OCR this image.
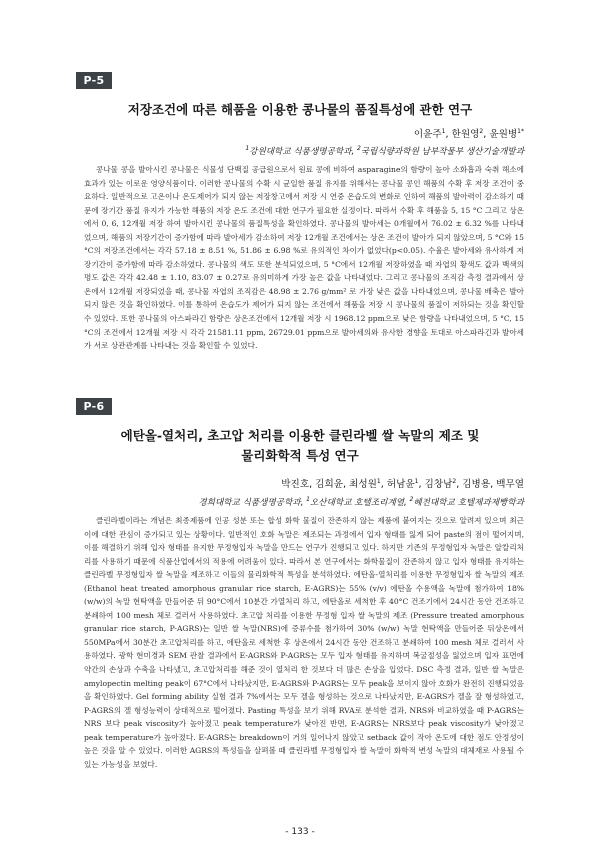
P-5
저장조건에 따른 해품을 이용한 콩나물의 품질특성에 관한 연구
이윤주$^1$, 한원영$^2$, 윤원병$^{1*}$
$^1$강원대학교 식품생명공학과, $^2$국립식량과학원 남부작물부 생산기술개발과

콩나물 콩을 발아시킨 콩나물은 식물성 단백질 공급원으로서 원료 콩에 비하여 asparagine의 함량이 높아 소화흡과 숙취 해소에 효과가 있는 이로운 영양식품이다. 이러한 콩나물의 수확 시 균일한 품질 유지를 위해서는 콩나물 콩인 해품의 수확 후 저장 조건이 중요하다. 일반적으로 고온이나 온도제어가 되지 않는 저장창고에서 저장 시 연중 온습도의 변화로 인하여 해품의 발아력이 감소하기 때문에 장기간 품질 유지가 가능한 해품의 저장 온도 조건에 대한 연구가 필요한 실정이다. 따라서 수확 후 해품을 5, 15 °C 그리고 상온에서 0, 6, 12개월 저장 하여 발아시킨 콩나물의 품질특성을 확인하였다. 콩나물의 발아세는 0개월에서 76.02 ± 6.32 %를 나타내었으며, 해품의 저장기간이 증가함에 따라 발아세가 감소하여 저장 12개월 조건에서는 상온 조건이 발아가 되지 않았으며, 5 °C와 15 °C의 저장조건에서는 각각 57.18 ± 8.51 %, 51.86 ± 6.98 %로 유의적인 차이가 없었다(p<0.05). 수율은 발아세와 유사하게 저장기간이 증가함에 따라 감소하였다. 콩나물의 색도 또한 분석되었으며, 5 °C에서 12개월 저장하였을 때 자엽의 황색도 값과 백색의 명도 값은 각각 42.48 ± 1.10, 83.07 ± 0.27로 유의미하게 가장 높은 값을 나타내었다. 그리고 콩나물의 조직감 측정 결과에서 상온에서 12개월 저장되었을 때, 콩나물 자엽의 조직감은 48.98 ± 2.76 g/mm² 로 가장 낮은 값을 나타내었으며, 콩나물 배축은 발아되지 않은 것을 확인하였다. 이를 통하여 온습도가 제어가 되지 않는 조건에서 해품을 저장 시 콩나물의 품질이 저하되는 것을 확인할 수 있었다. 또한 콩나물의 아스파라긴 함량은 상온조건에서 12개월 저장 시 1968.12 ppm으로 낮은 함량을 나타내었으며, 5 °C, 15 °C의 조건에서 12개월 저장 시 각각 21581.11 ppm, 26729.01 ppm으로 발아세의와 유사한 경향을 토대로 아스파라긴과 발아세가 서로 상관관계를 나타내는 것을 확인할 수 있었다.

P-6
에탄올-열처리, 초고압 처리를 이용한 클린라벨 쌀 녹말의 제조 및
물리화학적 특성 연구
박진호, 김희윤, 최성원$^1$, 허남윤$^1$, 김창남$^2$, 김병용, 백무열
경희대학교 식품생명공학과, $^1$오산대학교 호텔조리계열, $^2$혜전대학교 호텔제과제빵학과

클린라벨이라는 개념은 최종제품에 인공 성분 또는 합성 화학 물질이 잔존하지 않는 제품에 붙여지는 것으로 알려져 있으며 최근 이에 대한 관심이 증가되고 있는 상황이다. 일반적인 호화 녹말은 제조되는 과정에서 입자 형태를 잃게 되어 paste의 점이 떨어지며, 이를 해결하기 위해 입자 형태를 유지한 무정형입자 녹말을 만드는 연구가 진행되고 있다. 하지만 기존의 무정형입자 녹말은 알칼리처리를 사용하기 때문에 식품산업에서의 적용에 어려움이 있다. 따라서 본 연구에서는 화학물질이 잔존하지 않고 입자 형태를 유지하는 클린라벨 무정형입자 쌀 녹말을 제조하고 이들의 물리화학적 특성을 분석하였다. 에탄올-열처리를 이용한 무정형입자 쌀 녹말의 제조 (Ethanol heat treated amorphous granular rice starch, E-AGRS)는 55% (v/v) 에탄올 수용액을 녹말에 첨가하여 18% (w/w)의 녹말 현탁액을 만들어준 뒤 90°C에서 10분간 가열처리 하고, 에탄올로 세척한 후 40°C 건조기에서 24시간 동안 건조하고 분쇄하여 100 mesh 체로 걸러서 사용하였다. 초고압 처리를 이용한 무정형 입자 쌀 녹말의 제조 (Pressure treated amorphous granular rice starch, P-AGRS)는 일반 쌀 녹말(NRS)에 증류수를 첨가하여 30% (w/w) 녹말 현탁액을 만들어준 뒤상온에서 550MPa에서 30분간 초고압처리를 하고, 에탄올로 세척한 후 상온에서 24시간 동안 건조하고 분쇄하여 100 mesh 체로 걸러서 사용하였다. 광학 현미경과 SEM 관찰 결과에서 E-AGRS와 P-AGRS는 모두 입자 형태를 유지하며 복굴절성을 잃었으며 입자 표면에 약간의 손상과 수축을 나타냈고, 초고압처리를 해준 것이 열처리 한 것보다 더 많은 손상을 입었다. DSC 측정 결과, 일반 쌀 녹말은 amylopectin melting peak이 67°C에서 나타났지만, E-AGRS와 P-AGRS는 모두 peak을 보이지 않아 호화가 완전히 진행되었음을 확인하였다. Gel forming ability 실험 결과 7%에서는 모두 겔을 형성하는 것으로 나타났지만, E-AGRS가 겔을 잘 형성하였고, P-AGRS의 겔 형성능력이 상대적으로 떨어졌다. Pasting 특성을 보기 위해 RVA로 분석한 결과, NRS와 비교하였을 때 P-AGRS는 NRS 보다 peak viscosity가 높아졌고 peak temperature가 낮아진 반면, E-AGRS는 NRS보다 peak viscosity가 낮아졌고 peak temperature가 높아졌다. E-AGRS는 breakdown이 거의 일어나지 않았고 setback 값이 작아 온도에 대한 점도 안정성이 높은 것을 알 수 있었다. 이러한 AGRS의 특성들을 살펴볼 때 클린라벨 무정형입자 쌀 녹말이 화학적 변성 녹말의 대체재로 사용될 수 있는 가능성을 보였다.

- 133 -
